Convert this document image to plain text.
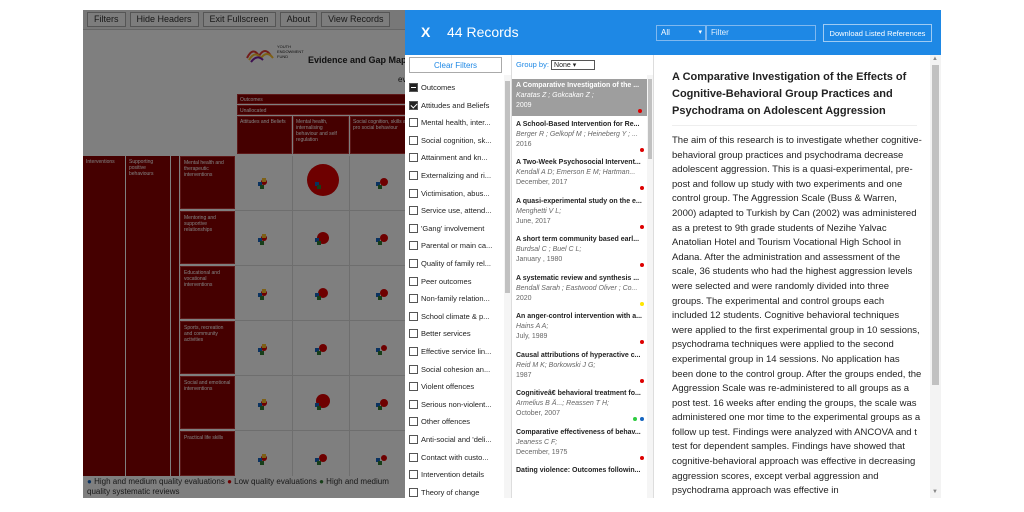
X 44 Records	All	▾	Filter	Download Listed References
Clear Filters
Outcomes
Attitudes and Beliefs
Mental health, inter...
Social cognition, sk...
Attainment and kn...
Externalizing and ri...
Victimisation, abus...
Service use, attend...
'Gang' involvement
Parental or main ca...
Quality of family rel...
Peer outcomes
Non-family relation...
School climate & p...
Better services
Effective service lin...
Social cohesion an...
Violent offences
Serious non-violent...
Other offences
Anti-social and 'deli...
Contact with custo...
Intervention details
Theory of change
Group by: None ▾
A Comparative Investigation of the ...
Karatas Z ; Gokcakan Z ;
2009
A School-Based Intervention for Re...
Berger R ; Gelkopf M ; Heineberg Y ; ...
2016
A Two-Week Psychosocial Intervent...
Kendall A D; Emerson E M; Hartman...
December, 2017
A quasi-experimental study on the e...
Menghetti V L;
June, 2017
A short term community based earl...
Burdsal C ; Buel C L;
January , 1980
A systematic review and synthesis ...
Bendall Sarah ; Eastwood Oliver ; Co...
2020
An anger-control intervention with a...
Hains A A;
July, 1989
Causal attributions of hyperactive c...
Reid M K; Borkowski J G;
1987
Cognitiveâ€ behavioral treatment fo...
Armelius B Ã...; Reassen T H;
October, 2007
Comparative effectiveness of behav...
Jeaness C F;
December, 1975
Dating violence: Outcomes followin...
A Comparative Investigation of the Effects of Cognitive-Behavioral Group Practices and Psychodrama on Adolescent Aggression
The aim of this research is to investigate whether cognitive-behavioral group practices and psychodrama decrease adolescent aggression. This is a quasi-experimental, pre-post and follow up study with two experiments and one control group. The Aggression Scale (Buss & Warren, 2000) adapted to Turkish by Can (2002) was administered as a pretest to 9th grade students of Nezihe Yalvac Anatolian Hotel and Tourism Vocational High School in Adana. After the administration and assessment of the scale, 36 students who had the highest aggression levels were selected and were randomly divided into three groups. The experimental and control groups each included 12 students. Cognitive behavioral techniques were applied to the first experimental group in 10 sessions, psychodrama techniques were applied to the second experimental group in 14 sessions. No application has been done to the control group. After the groups ended, the Aggression Scale was re-administered to all groups as a post test. 16 weeks after ending the groups, the scale was administered one mor time to the experimental groups as a follow up test. Findings were analyzed with ANCOVA and t test for dependent samples. Findings have showed that cognitive-behavioral approach was effective in decreasing aggression scores, except verbal aggression and psychodrama approach was effective in
▲
▼
